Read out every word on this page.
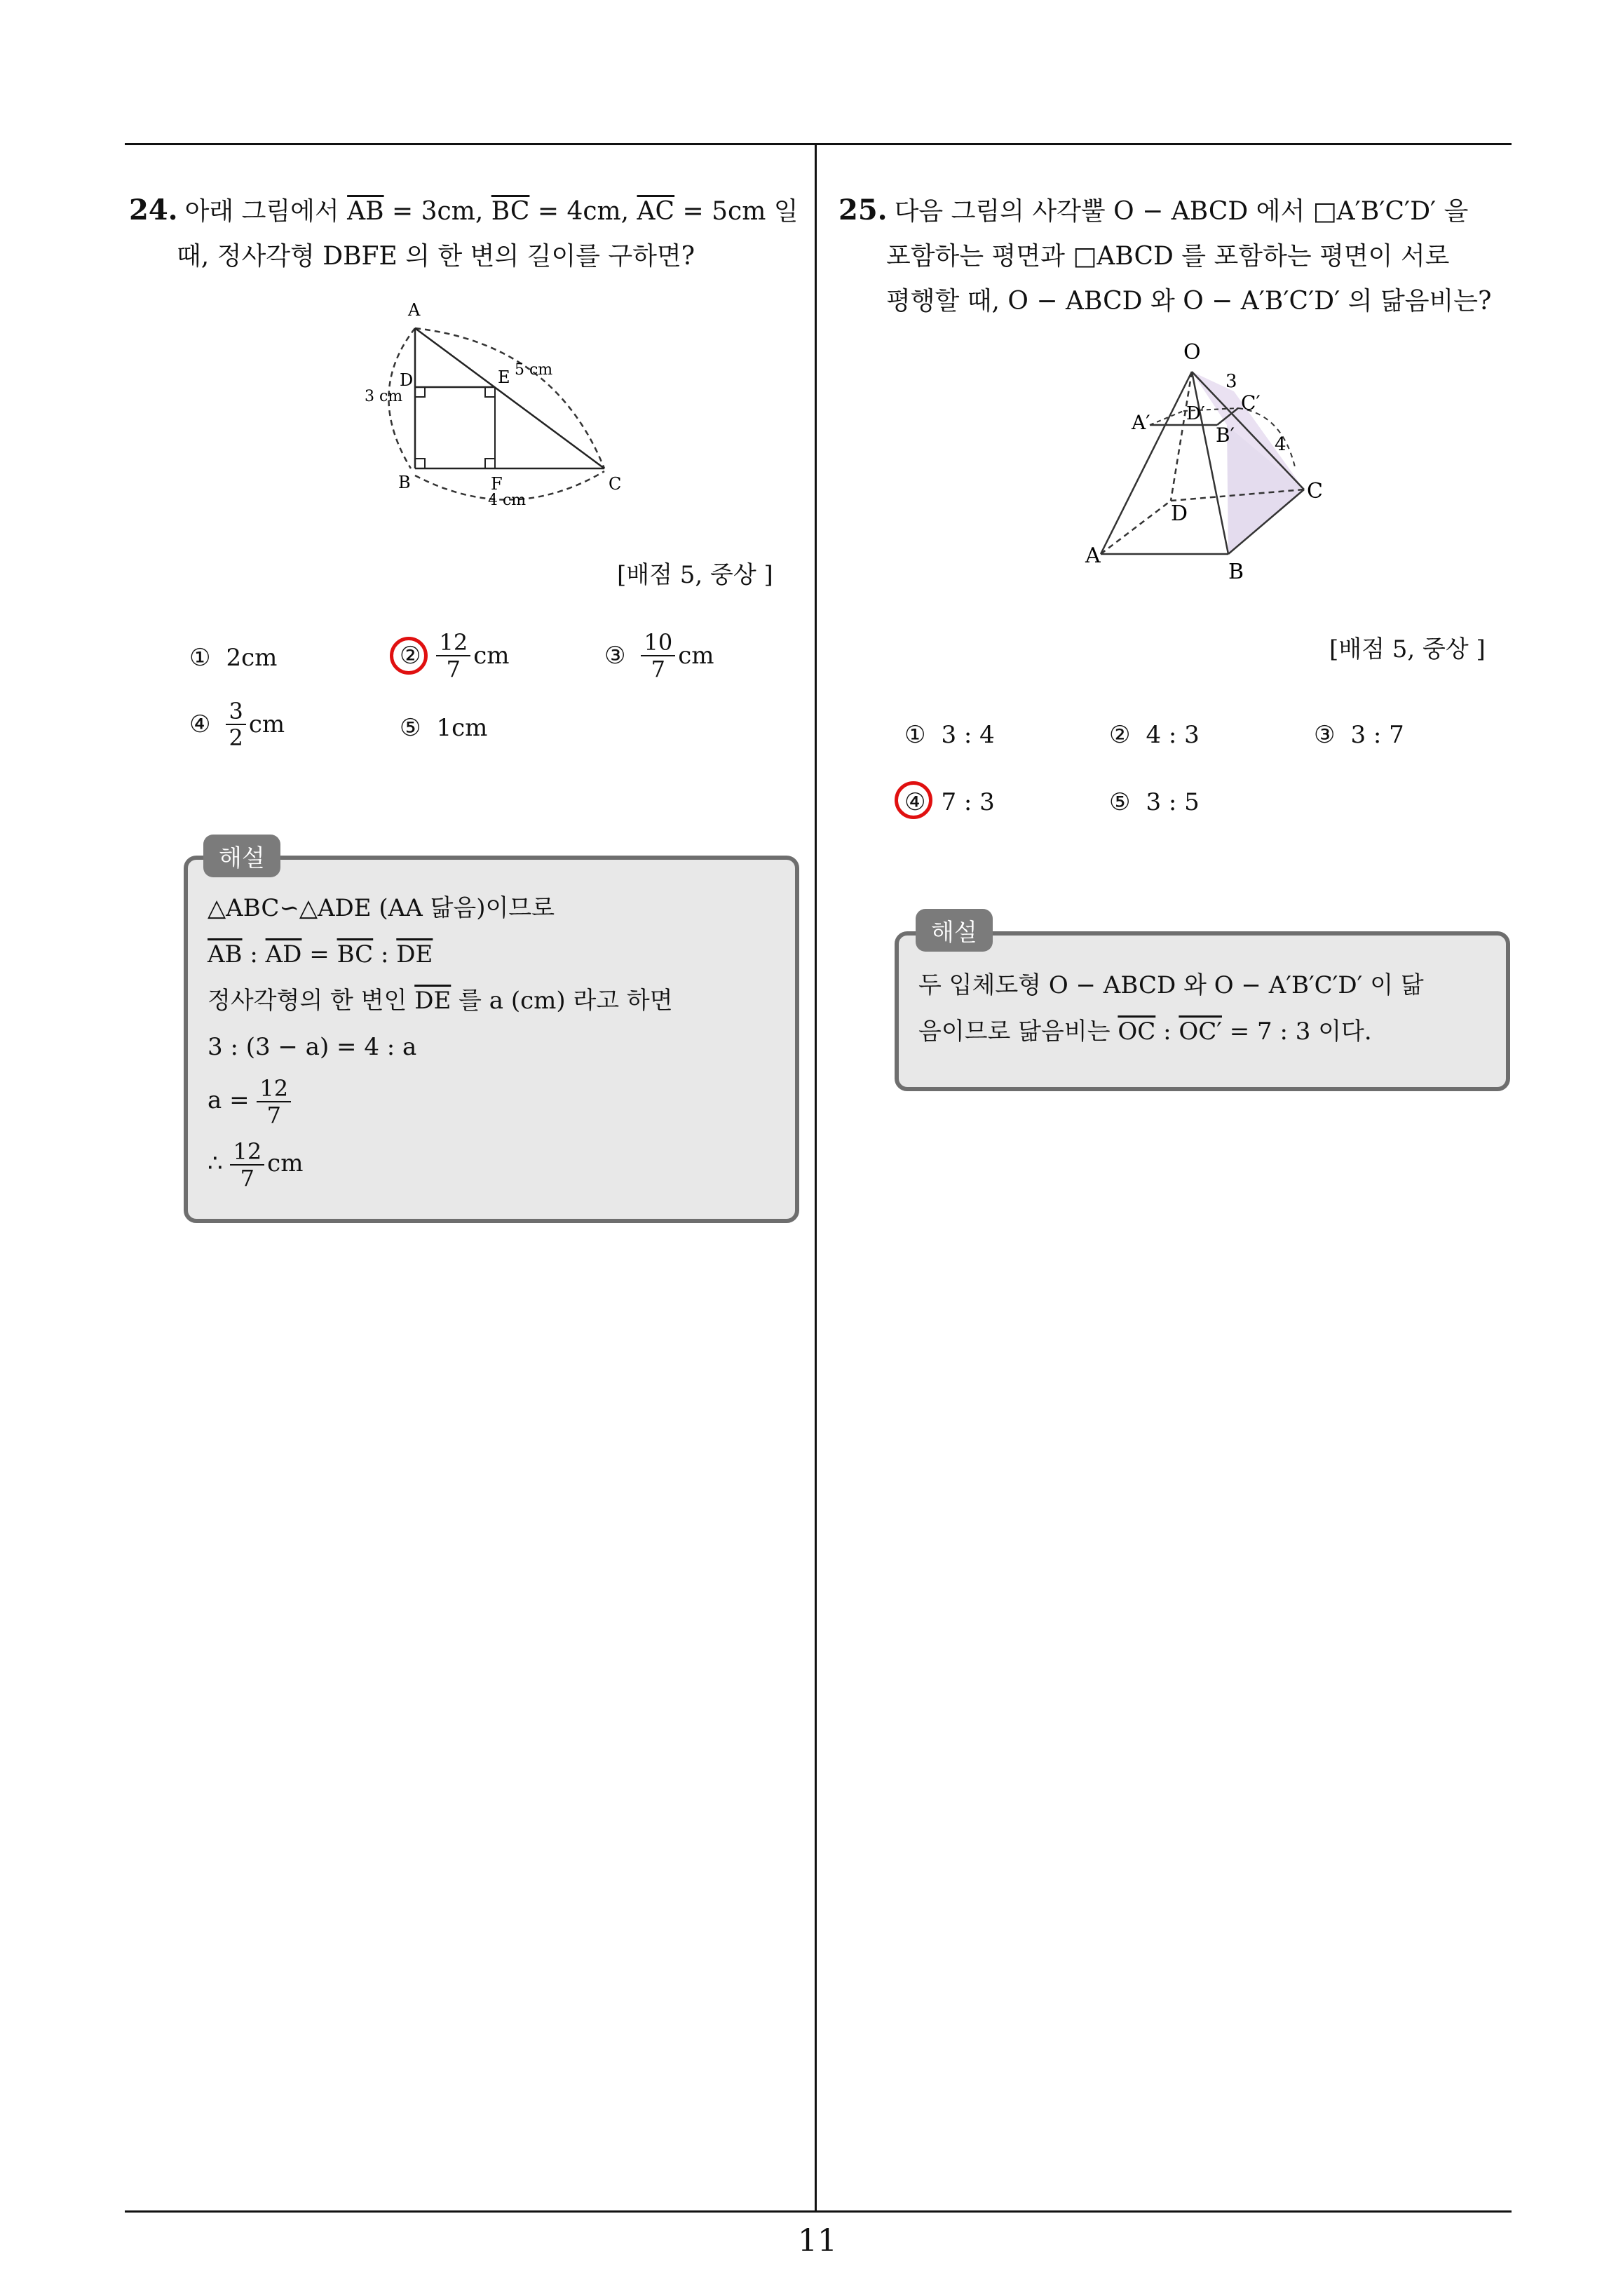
11
24. 아래 그림에서 $\overline{AB} = 3cm$, $\overline{BC} = 4cm$, $\overline{AC} = 5cm$ 일
때, 정사각형 DBFE 의 한 변의 길이를 구하면?
A
B	C
D	E
F
3 cm
5 cm
4 cm
[배점 5, 중상 ]
① 2cm	② $\frac{12}{7}$ cm	③ $\frac{10}{7}$ cm
④ $\frac{3}{2}$ cm	⑤ 1cm
해설
△ABC∽△ADE (AA 닮음)이므로
$\overline{AB}$ : $\overline{AD} = \overline{BC}$ : $\overline{DE}$
정사각형의 한 변인 $\overline{DE}$ 를 a (cm) 라고 하면
3 : (3 − a) = 4 : a
$a = \frac{12}{7}$
∴ $\frac{12}{7}$ cm
25. 다음 그림의 사각뿔 O − ABCD 에서 □A′B′C′D′ 을
포함하는 평면과 □ABCD 를 포함하는 평면이 서로
평행할 때, O − ABCD 와 O − A′B′C′D′ 의 닮음비는?
O
A
B
C
D
A′
B′
C′
D′
3
4
[배점 5, 중상 ]
① 3 : 4	② 4 : 3	③ 3 : 7
④ 7 : 3	⑤ 3 : 5
해설
두 입체도형 O − ABCD 와 O − A′B′C′D′ 이 닮
음이므로 닮음비는 $\overline{OC}$ : OC′ = 7 : 3 이다.
